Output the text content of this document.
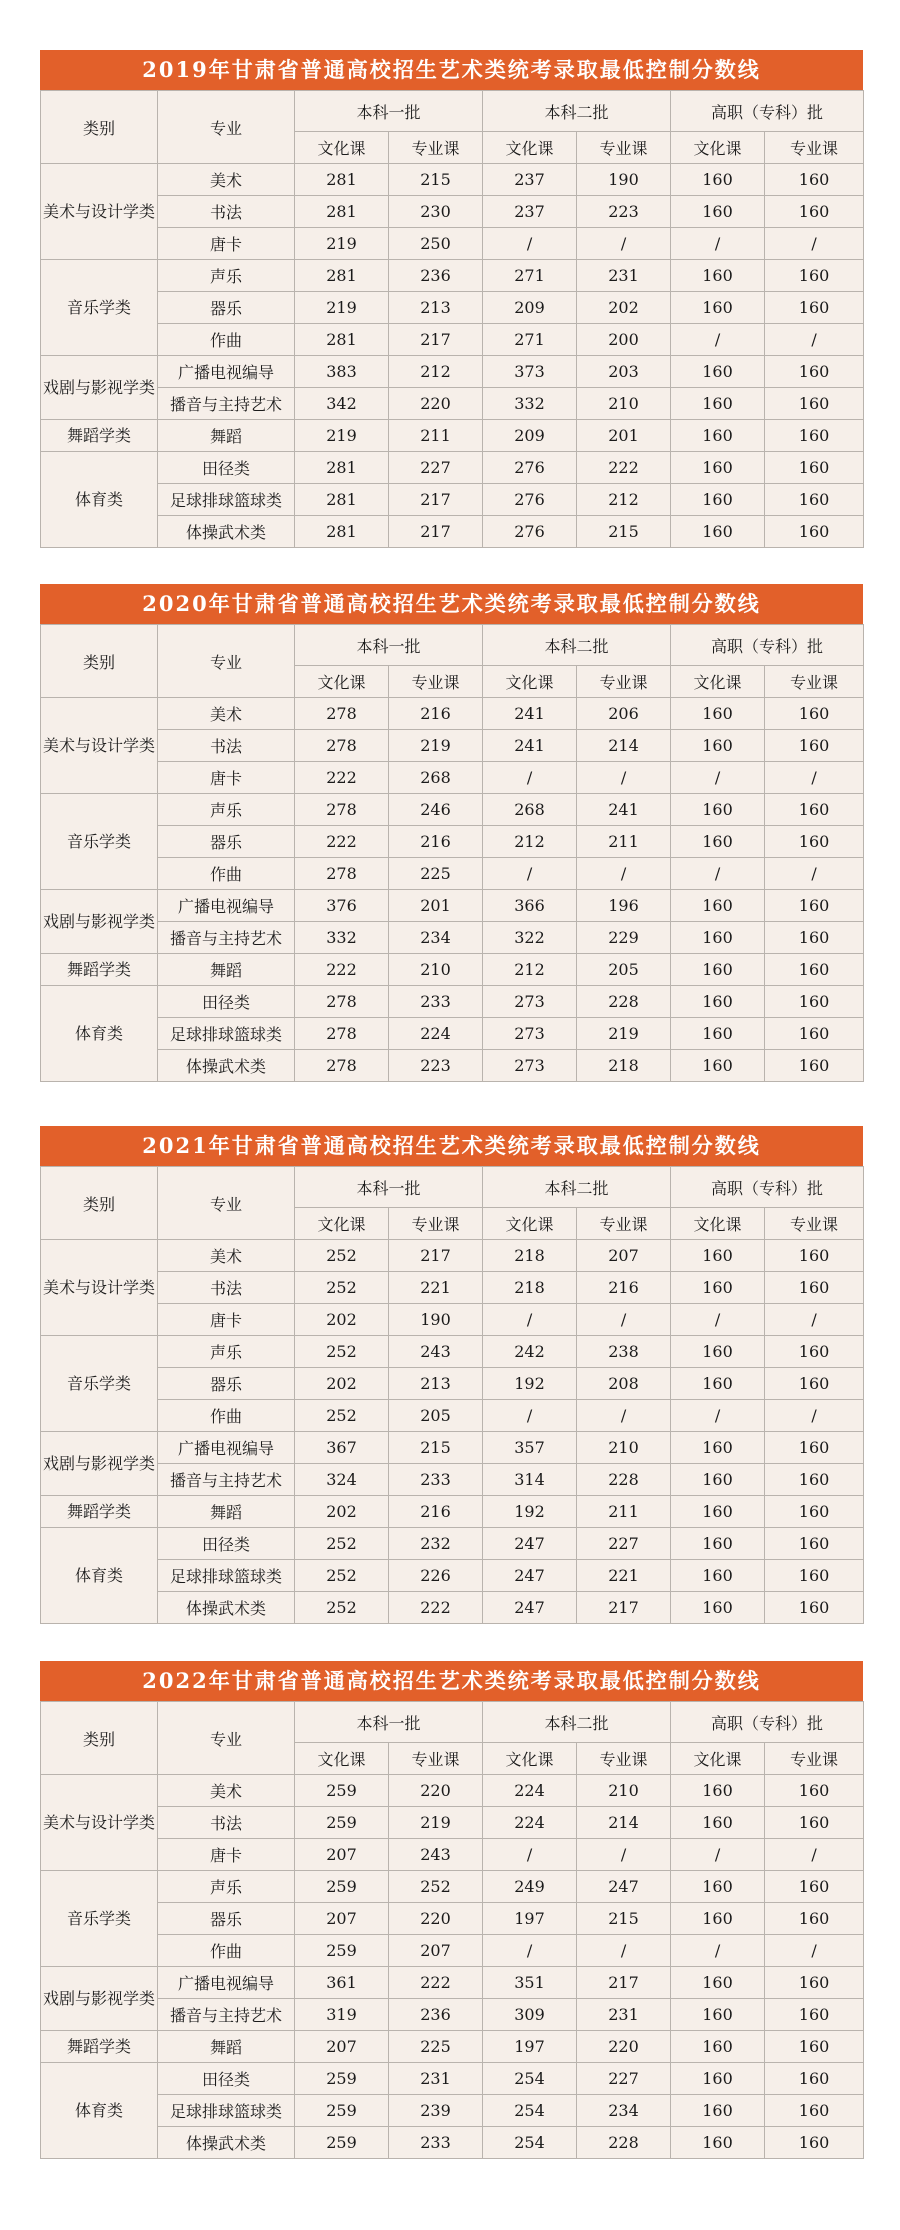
2019年甘肃省普通高校招生艺术类统考录取最低控制分数线
类别	专业	本科一批		本科二批		高职（专科）批	
		文化课	专业课	文化课	专业课	文化课	专业课
美术与设计学类	美术	281	215	237	190	160	160
	书法	281	230	237	223	160	160
	唐卡	219	250	/	/	/	/
音乐学类	声乐	281	236	271	231	160	160
	器乐	219	213	209	202	160	160
	作曲	281	217	271	200	/	/
戏剧与影视学类	广播电视编导	383	212	373	203	160	160
	播音与主持艺术	342	220	332	210	160	160
舞蹈学类	舞蹈	219	211	209	201	160	160
体育类	田径类	281	227	276	222	160	160
	足球排球篮球类	281	217	276	212	160	160
	体操武术类	281	217	276	215	160	160
2020年甘肃省普通高校招生艺术类统考录取最低控制分数线
类别	专业	本科一批		本科二批		高职（专科）批	
		文化课	专业课	文化课	专业课	文化课	专业课
美术与设计学类	美术	278	216	241	206	160	160
	书法	278	219	241	214	160	160
	唐卡	222	268	/	/	/	/
音乐学类	声乐	278	246	268	241	160	160
	器乐	222	216	212	211	160	160
	作曲	278	225	/	/	/	/
戏剧与影视学类	广播电视编导	376	201	366	196	160	160
	播音与主持艺术	332	234	322	229	160	160
舞蹈学类	舞蹈	222	210	212	205	160	160
体育类	田径类	278	233	273	228	160	160
	足球排球篮球类	278	224	273	219	160	160
	体操武术类	278	223	273	218	160	160
2021年甘肃省普通高校招生艺术类统考录取最低控制分数线
类别	专业	本科一批		本科二批		高职（专科）批	
		文化课	专业课	文化课	专业课	文化课	专业课
美术与设计学类	美术	252	217	218	207	160	160
	书法	252	221	218	216	160	160
	唐卡	202	190	/	/	/	/
音乐学类	声乐	252	243	242	238	160	160
	器乐	202	213	192	208	160	160
	作曲	252	205	/	/	/	/
戏剧与影视学类	广播电视编导	367	215	357	210	160	160
	播音与主持艺术	324	233	314	228	160	160
舞蹈学类	舞蹈	202	216	192	211	160	160
体育类	田径类	252	232	247	227	160	160
	足球排球篮球类	252	226	247	221	160	160
	体操武术类	252	222	247	217	160	160
2022年甘肃省普通高校招生艺术类统考录取最低控制分数线
类别	专业	本科一批		本科二批		高职（专科）批	
		文化课	专业课	文化课	专业课	文化课	专业课
美术与设计学类	美术	259	220	224	210	160	160
	书法	259	219	224	214	160	160
	唐卡	207	243	/	/	/	/
音乐学类	声乐	259	252	249	247	160	160
	器乐	207	220	197	215	160	160
	作曲	259	207	/	/	/	/
戏剧与影视学类	广播电视编导	361	222	351	217	160	160
	播音与主持艺术	319	236	309	231	160	160
舞蹈学类	舞蹈	207	225	197	220	160	160
体育类	田径类	259	231	254	227	160	160
	足球排球篮球类	259	239	254	234	160	160
	体操武术类	259	233	254	228	160	160
